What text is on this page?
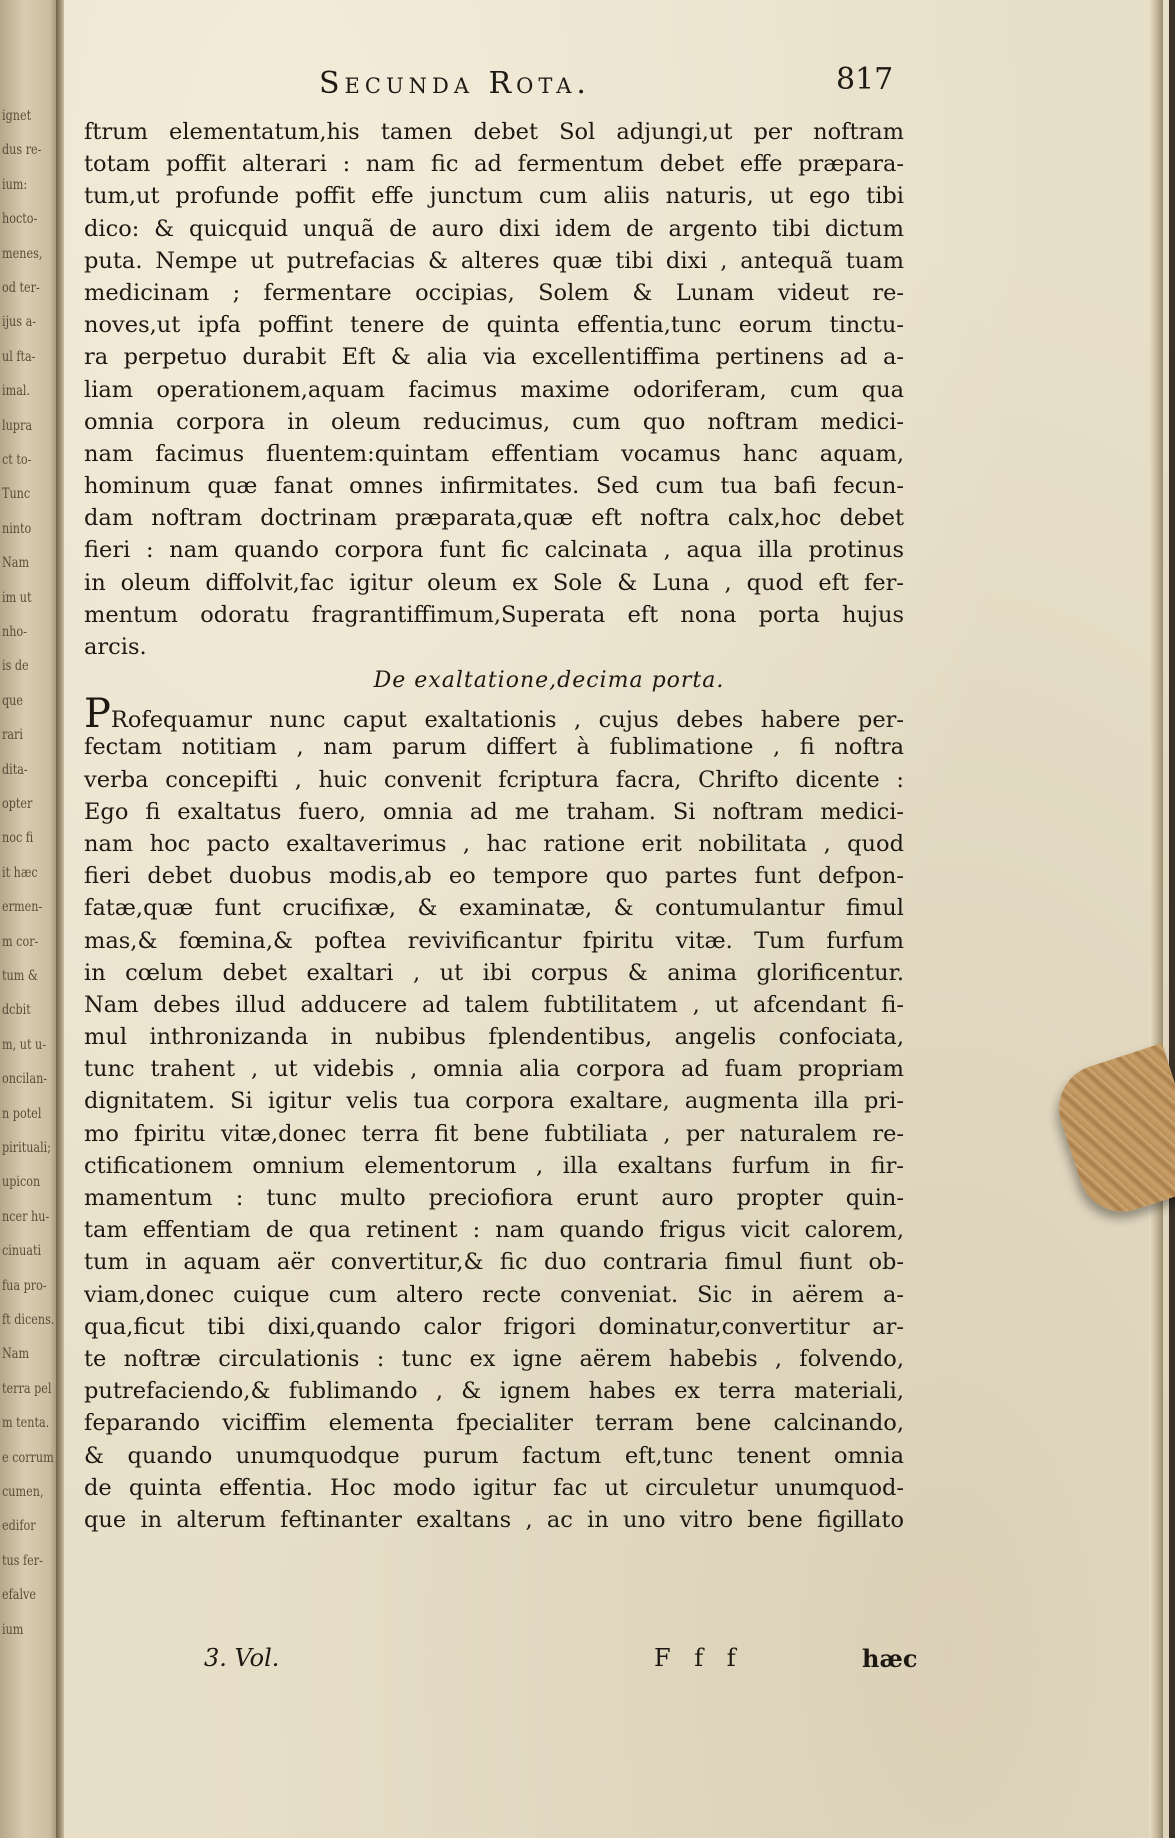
ignet
dus re-
ium:
hocto-
menes,
od ter-
ijus a-
ul fta-
imal.
lupra
ct to-
Tunc
ninto
Nam
im ut
nho-
is de
que
rari
dita-
opter
noc fi
it hæc
ermen-
m cor-
tum &
dcbit
m, ut u-
oncilan-
n potel
pirituali;
upicon
ncer hu-
cinuati
fua pro-
ft dicens.
Nam
terra pel
m tenta.
e corrum
cumen,
edifor
tus fer-
efalve
ium
Secunda Rota.	817
ftrum elementatum,his tamen debet Sol adjungi,ut per noftram
totam poffit alterari : nam fic ad fermentum debet effe præpara-
tum,ut profunde poffit effe junctum cum aliis naturis, ut ego tibi
dico: & quicquid unquã de auro dixi idem de argento tibi dictum
puta. Nempe ut putrefacias & alteres quæ tibi dixi , antequã tuam
medicinam ; fermentare occipias, Solem & Lunam videut re-
noves,ut ipfa poffint tenere de quinta effentia,tunc eorum tinctu-
ra perpetuo durabit Eft & alia via excellentiffima pertinens ad a-
liam operationem,aquam facimus maxime odoriferam, cum qua
omnia corpora in oleum reducimus, cum quo noftram medici-
nam facimus fluentem:quintam effentiam vocamus hanc aquam,
hominum quæ fanat omnes infirmitates. Sed cum tua bafi fecun-
dam noftram doctrinam præparata,quæ eft noftra calx,hoc debet
fieri : nam quando corpora funt fic calcinata , aqua illa protinus
in oleum diffolvit,fac igitur oleum ex Sole & Luna , quod eft fer-
mentum odoratu fragrantiffimum,Superata eft nona porta hujus
arcis.
De exaltatione,decima porta.
PRofequamur nunc caput exaltationis , cujus debes habere per-
fectam notitiam , nam parum differt à fublimatione , fi noftra
verba concepifti , huic convenit fcriptura facra, Chrifto dicente :
Ego fi exaltatus fuero, omnia ad me traham. Si noftram medici-
nam hoc pacto exaltaverimus , hac ratione erit nobilitata , quod
fieri debet duobus modis,ab eo tempore quo partes funt defpon-
fatæ,quæ funt crucifixæ, & examinatæ, & contumulantur fimul
mas,& fœmina,& poftea revivificantur fpiritu vitæ. Tum furfum
in cœlum debet exaltari , ut ibi corpus & anima glorificentur.
Nam debes illud adducere ad talem fubtilitatem , ut afcendant fi-
mul inthronizanda in nubibus fplendentibus, angelis confociata,
tunc trahent , ut videbis , omnia alia corpora ad fuam propriam
dignitatem. Si igitur velis tua corpora exaltare, augmenta illa pri-
mo fpiritu vitæ,donec terra fit bene fubtiliata , per naturalem re-
ctificationem omnium elementorum , illa exaltans furfum in fir-
mamentum : tunc multo preciofiora erunt auro propter quin-
tam effentiam de qua retinent : nam quando frigus vicit calorem,
tum in aquam aër convertitur,& fic duo contraria fimul fiunt ob-
viam,donec cuique cum altero recte conveniat. Sic in aërem a-
qua,ficut tibi dixi,quando calor frigori dominatur,convertitur ar-
te noftræ circulationis : tunc ex igne aërem habebis , folvendo,
putrefaciendo,& fublimando , & ignem habes ex terra materiali,
feparando viciffim elementa fpecialiter terram bene calcinando,
& quando unumquodque purum factum eft,tunc tenent omnia
de quinta effentia. Hoc modo igitur fac ut circuletur unumquod-
que in alterum feftinanter exaltans , ac in uno vitro bene figillato
3. Vol.	F f f	hæc
